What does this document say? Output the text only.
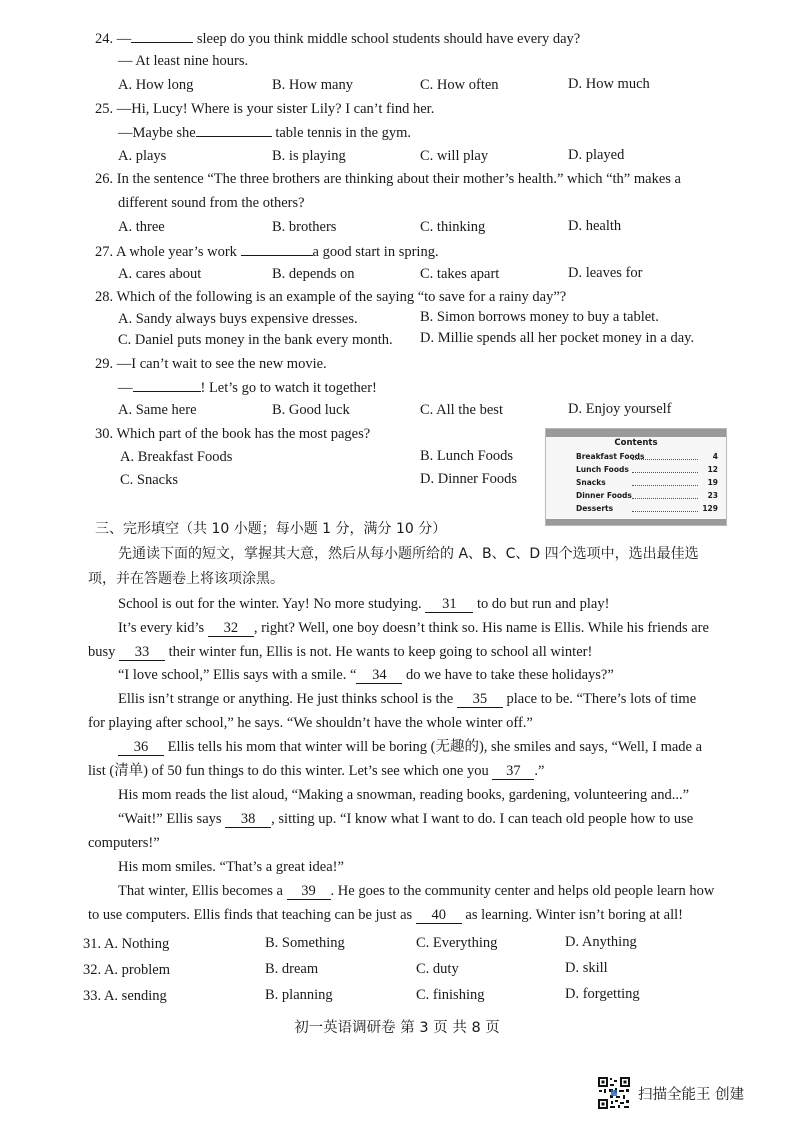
24. —	sleep do you think middle school students should have every day?
— At least nine hours.
A. How long	B. How many	C. How often	D. How much
25. —Hi, Lucy! Where is your sister Lily? I can’t find her.
—Maybe she	table tennis in the gym.
A. plays	B. is playing	C. will play	D. played
26. In the sentence “The three brothers are thinking about their mother’s health.” which “th” makes a
different sound from the others?
A. three	B. brothers	C. thinking	D. health
27. A whole year’s work	a good start in spring.
A. cares about	B. depends on	C. takes apart	D. leaves for
28. Which of the following is an example of the saying “to save for a rainy day”?
A. Sandy always buys expensive dresses.	B. Simon borrows money to buy a tablet.
C. Daniel puts money in the bank every month. D. Millie spends all her pocket money in a day.
29. —I can’t wait to see the new movie.
—	! Let’s go to watch it together!
A. Same here	B. Good luck	C. All the best	D. Enjoy yourself
30. Which part of the book has the most pages?
A. Breakfast Foods	B. Lunch Foods
C. Snacks	D. Dinner Foods
Contents
Breakfast Foods	4
Lunch Foods	12
Snacks	19
Dinner Foods	23
Desserts	129
三、完形填空（共 10 小题；每小题 1 分，满分 10 分）
先通读下面的短文，掌握其大意，然后从每小题所给的 A、B、C、D 四个选项中，选出最佳选
项，并在答题卷上将该项涂黑。
School is out for the winter. Yay! No more studying. 31 to do but run and play!
It’s every kid’s 32 , right? Well, one boy doesn’t think so. His name is Ellis. While his friends are
busy 33 their winter fun, Ellis is not. He wants to keep going to school all winter!
“I love school,” Ellis says with a smile. “ 34 do we have to take these holidays?”
Ellis isn’t strange or anything. He just thinks school is the 35 place to be. “There’s lots of time
for playing after school,” he says. “We shouldn’t have the whole winter off.”
36 Ellis tells his mom that winter will be boring (无趣的), she smiles and says, “Well, I made a
list (清单) of 50 fun things to do this winter. Let’s see which one you 37 .”
His mom reads the list aloud, “Making a snowman, reading books, gardening, volunteering and...”
“Wait!” Ellis says 38 , sitting up. “I know what I want to do. I can teach old people how to use
computers!”
His mom smiles. “That’s a great idea!”
That winter, Ellis becomes a 39 . He goes to the community center and helps old people learn how
to use computers. Ellis finds that teaching can be just as 40 as learning. Winter isn’t boring at all!
31. A. Nothing	B. Something	C. Everything	D. Anything
32. A. problem	B. dream	C. duty	D. skill
33. A. sending	B. planning	C. finishing	D. forgetting
初一英语调研卷 第 3 页 共 8 页
扫描全能王 创建
